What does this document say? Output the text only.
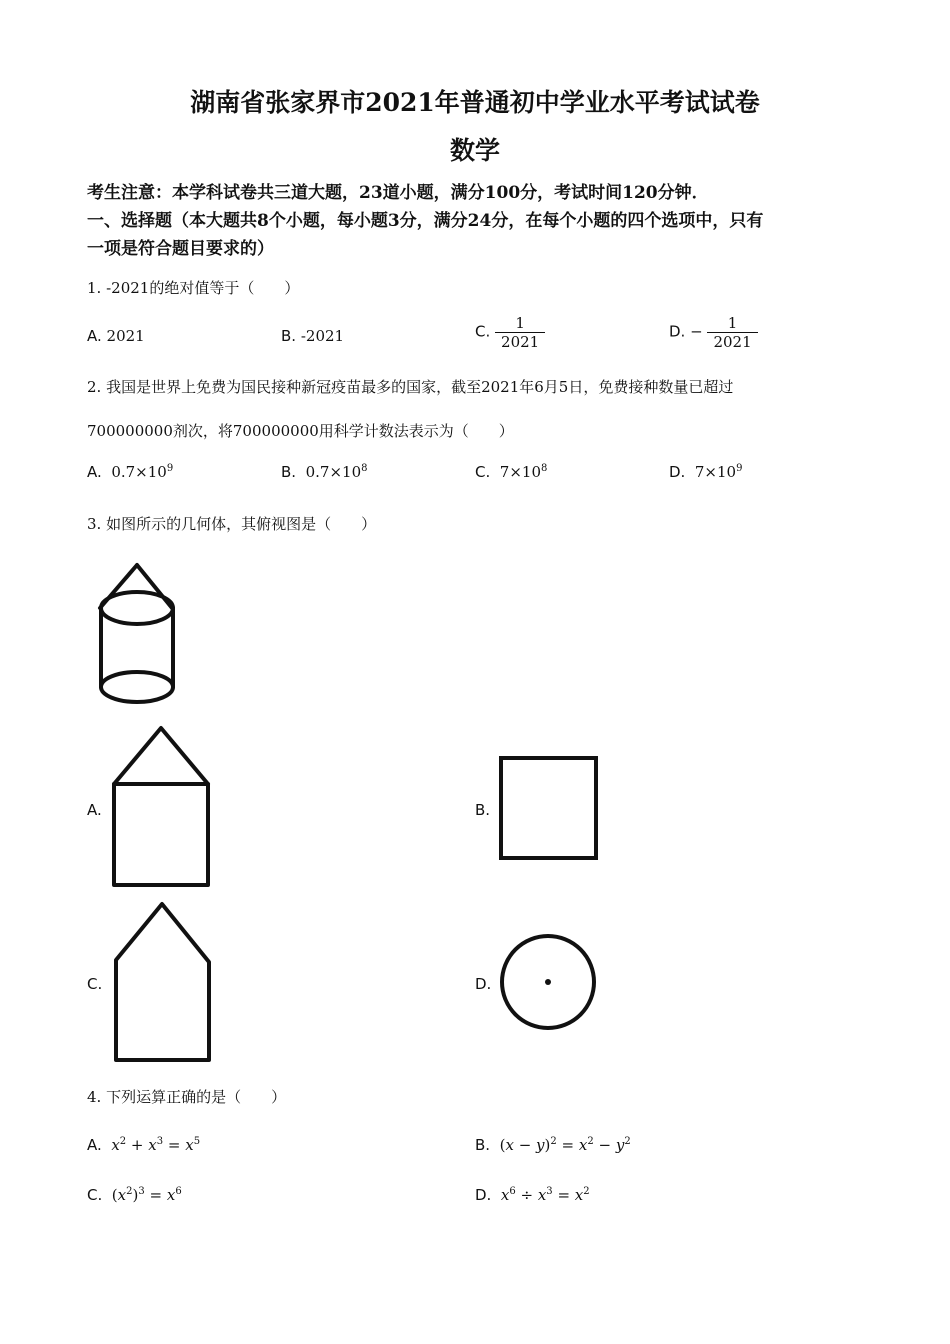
湖南省张家界市2021年普通初中学业水平考试试卷
数学
考生注意：本学科试卷共三道大题，23道小题，满分100分，考试时间120分钟．
一、选择题（本大题共8个小题，每小题3分，满分24分，在每个小题的四个选项中，只有
一项是符合题目要求的）
1. -2021的绝对值等于（　　）
A. 2021	B. -2021	C. $\frac{1}{2021}$	D. − $\frac{1}{2021}$
2. 我国是世界上免费为国民接种新冠疫苗最多的国家，截至2021年6月5日，免费接种数量已超过
700000000剂次，将700000000用科学计数法表示为（　　）
A. $0.7\times 10^9$	B. $0.7\times 10^8$	C. $7\times 10^8$	D. $7\times 10^9$
3. 如图所示的几何体，其俯视图是（　　）
A.	B.
C.	D.
4. 下列运算正确的是（　　）
A. $x^2 + x^3 = x^5$	B. $(x - y)^2 = x^2 - y^2$
C. $(x^2)^3 = x^6$	D. $x^6 \div x^3 = x^2$
